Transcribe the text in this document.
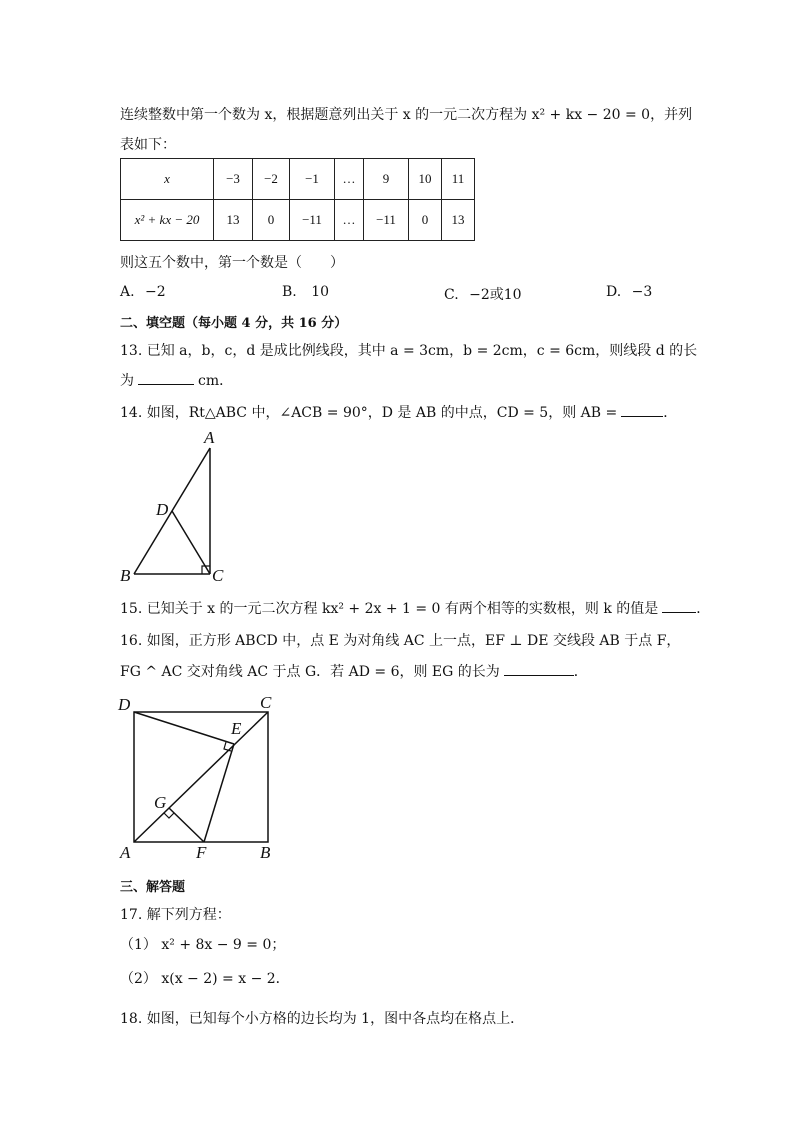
连续整数中第一个数为 x，根据题意列出关于 x 的一元二次方程为 x² + kx − 20 = 0，并列
表如下：
x	−3	−2	−1	…	9	10	11
x² + kx − 20	13	0	−11	…	−11	0	13
则这五个数中，第一个数是（　　）
A. −2	B. 10	C. −2或10	D. −3
二、填空题（每小题 4 分，共 16 分）
13. 已知 a，b，c，d 是成比例线段，其中 a = 3cm，b = 2cm，c = 6cm，则线段 d 的长
为	cm．
14. 如图，Rt△ABC 中，∠ACB = 90°，D 是 AB 的中点，CD = 5，则 AB =	．
A
D
B	C
15. 已知关于 x 的一元二次方程 kx² + 2x + 1 = 0 有两个相等的实数根，则 k 的值是	．
16. 如图，正方形 ABCD 中，点 E 为对角线 AC 上一点，EF ⊥ DE 交线段 AB 于点 F，
FG ^ AC 交对角线 AC 于点 G．若 AD = 6，则 EG 的长为	．
D	C
E
G
A	F	B
三、解答题
17. 解下列方程：
（1） x² + 8x − 9 = 0；
（2） x(x − 2) = x − 2．
18. 如图，已知每个小方格的边长均为 1，图中各点均在格点上．
